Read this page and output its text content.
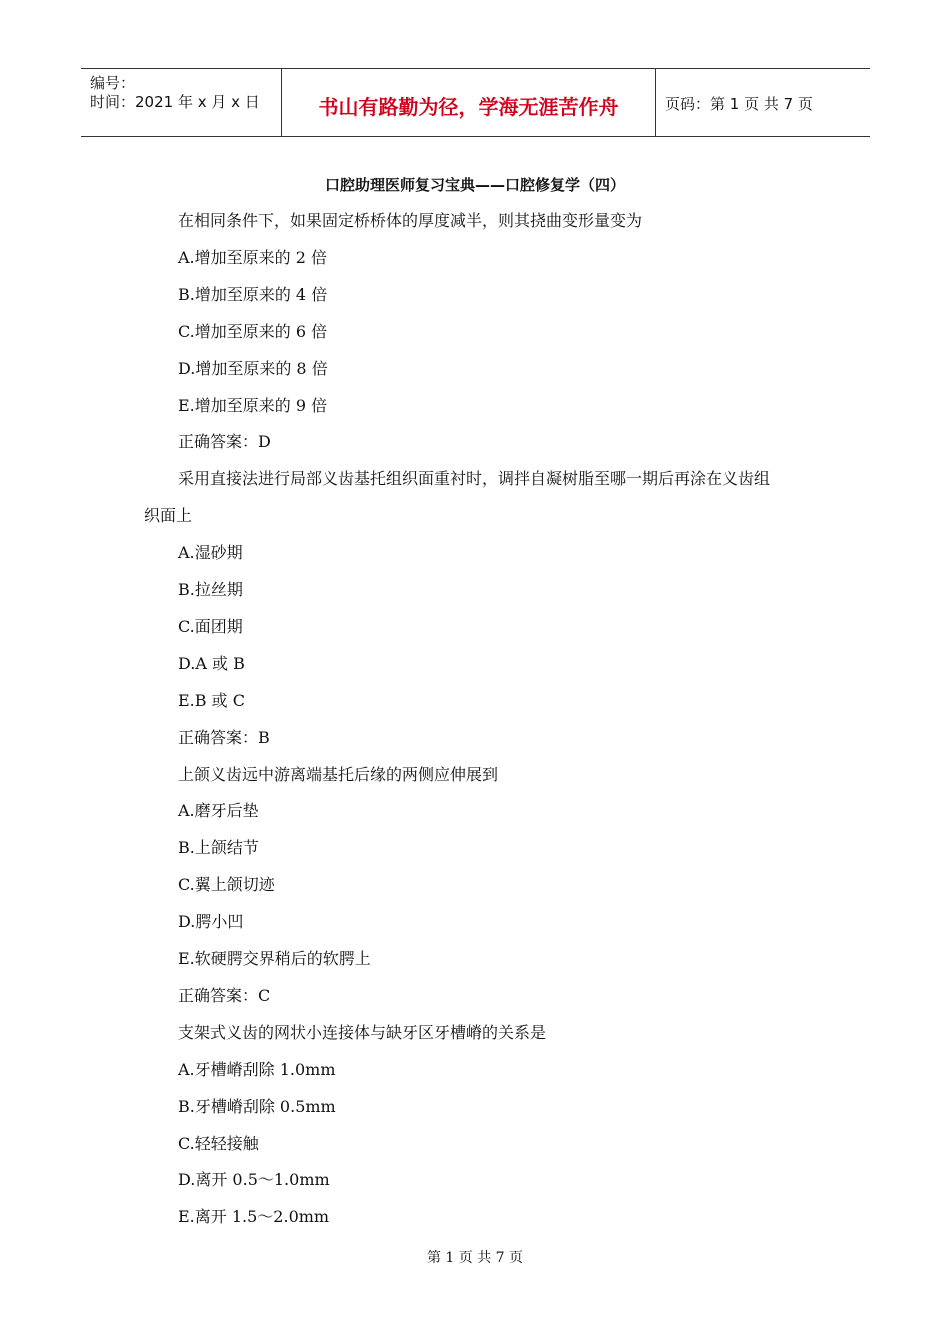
编号：
时间：2021 年 x 月 x 日	书山有路勤为径，学海无涯苦作舟	页码：第 1 页 共 7 页
口腔助理医师复习宝典——口腔修复学（四）
在相同条件下，如果固定桥桥体的厚度减半，则其挠曲变形量变为
A.增加至原来的 2 倍
B.增加至原来的 4 倍
C.增加至原来的 6 倍
D.增加至原来的 8 倍
E.增加至原来的 9 倍
正确答案：D
采用直接法进行局部义齿基托组织面重衬时，调拌自凝树脂至哪一期后再涂在义齿组
织面上
A.湿砂期
B.拉丝期
C.面团期
D.A 或 B
E.B 或 C
正确答案：B
上颌义齿远中游离端基托后缘的两侧应伸展到
A.磨牙后垫
B.上颌结节
C.翼上颌切迹
D.腭小凹
E.软硬腭交界稍后的软腭上
正确答案：C
支架式义齿的网状小连接体与缺牙区牙槽嵴的关系是
A.牙槽嵴刮除 1.0mm
B.牙槽嵴刮除 0.5mm
C.轻轻接触
D.离开 0.5～1.0mm
E.离开 1.5～2.0mm
第 1 页 共 7 页
